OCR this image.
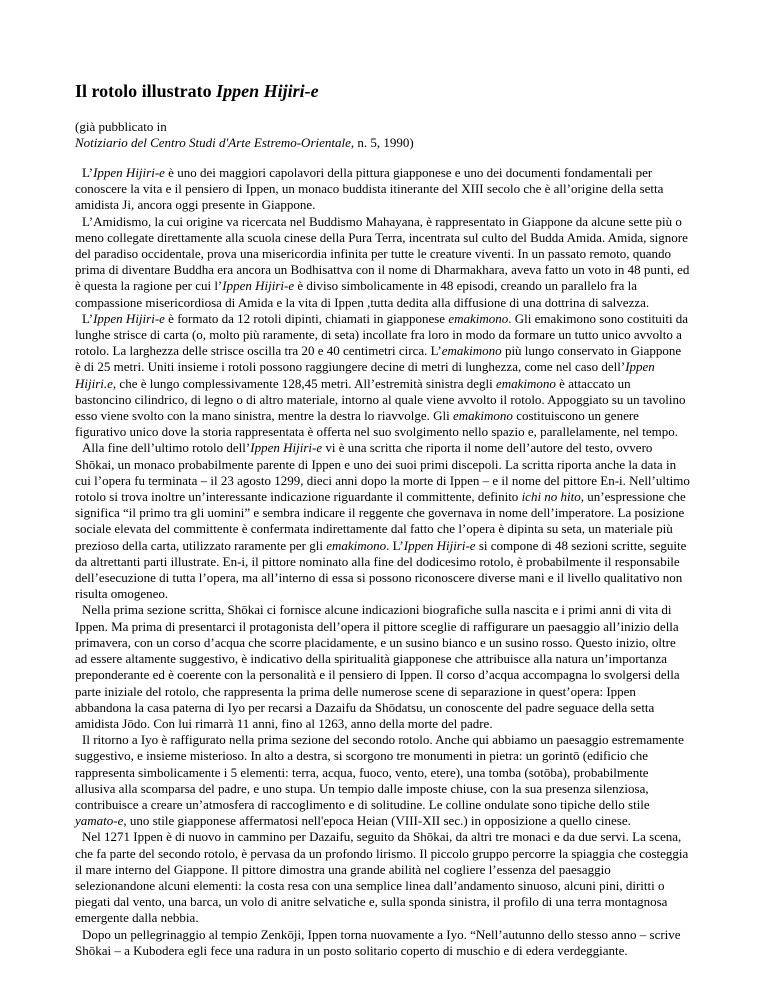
Il rotolo illustrato Ippen Hijiri-e
(già pubblicato in
Notiziario del Centro Studi d'Arte Estremo-Orientale, n. 5, 1990)

L’Ippen Hijiri-e è uno dei maggiori capolavori della pittura giapponese e uno dei documenti fondamentali per conoscere la vita e il pensiero di Ippen, un monaco buddista itinerante del XIII secolo che è all’origine della setta amidista Ji, ancora oggi presente in Giappone.

L’Amidismo, la cui origine va ricercata nel Buddismo Mahayana, è rappresentato in Giappone da alcune sette più o meno collegate direttamente alla scuola cinese della Pura Terra, incentrata sul culto del Budda Amida. Amida, signore del paradiso occidentale, prova una misericordia infinita per tutte le creature viventi. In un passato remoto, quando prima di diventare Buddha era ancora un Bodhisattva con il nome di Dharmakhara, aveva fatto un voto in 48 punti, ed è questa la ragione per cui l’Ippen Hijiri-e è diviso simbolicamente in 48 episodi, creando un parallelo fra la compassione misericordiosa di Amida e la vita di Ippen ,tutta dedita alla diffusione di una dottrina di salvezza.

L’Ippen Hijiri-e è formato da 12 rotoli dipinti, chiamati in giapponese emakimono. Gli emakimono sono costituiti da lunghe strisce di carta (o, molto più raramente, di seta) incollate fra loro in modo da formare un tutto unico avvolto a rotolo. La larghezza delle strisce oscilla tra 20 e 40 centimetri circa. L’emakimono più lungo conservato in Giappone è di 25 metri. Uniti insieme i rotoli possono raggiungere decine di metri di lunghezza, come nel caso dell’Ippen Hijiri.e, che è lungo complessivamente 128,45 metri. All’estremità sinistra degli emakimono è attaccato un bastoncino cilindrico, di legno o di altro materiale, intorno al quale viene avvolto il rotolo. Appoggiato su un tavolino esso viene svolto con la mano sinistra, mentre la destra lo riavvolge. Gli emakimono costituiscono un genere figurativo unico dove la storia rappresentata è offerta nel suo svolgimento nello spazio e, parallelamente, nel tempo.

Alla fine dell’ultimo rotolo dell’Ippen Hijiri-e vi è una scritta che riporta il nome dell’autore del testo, ovvero Shōkai, un monaco probabilmente parente di Ippen e uno dei suoi primi discepoli. La scritta riporta anche la data in cui l’opera fu terminata – il 23 agosto 1299, dieci anni dopo la morte di Ippen – e il nome del pittore En-i. Nell’ultimo rotolo si trova inoltre un’interessante indicazione riguardante il committente, definito ichi no hito, un’espressione che significa “il primo tra gli uomini” e sembra indicare il reggente che governava in nome dell’imperatore. La posizione sociale elevata del committente è confermata indirettamente dal fatto che l’opera è dipinta su seta, un materiale più prezioso della carta, utilizzato raramente per gli emakimono. L’Ippen Hijiri-e si compone di 48 sezioni scritte, seguite da altrettanti parti illustrate. En-i, il pittore nominato alla fine del dodicesimo rotolo, è probabilmente il responsabile dell’esecuzione di tutta l’opera, ma all’interno di essa si possono riconoscere diverse mani e il livello qualitativo non risulta omogeneo.

Nella prima sezione scritta, Shōkai ci fornisce alcune indicazioni biografiche sulla nascita e i primi anni di vita di Ippen. Ma prima di presentarci il protagonista dell’opera il pittore sceglie di raffigurare un paesaggio all’inizio della primavera, con un corso d’acqua che scorre placidamente, e un susino bianco e un susino rosso. Questo inizio, oltre ad essere altamente suggestivo, è indicativo della spiritualità giapponese che attribuisce alla natura un’importanza preponderante ed è coerente con la personalità e il pensiero di Ippen. Il corso d’acqua accompagna lo svolgersi della parte iniziale del rotolo, che rappresenta la prima delle numerose scene di separazione in quest’opera: Ippen abbandona la casa paterna di Iyo per recarsi a Dazaifu da Shōdatsu, un conoscente del padre seguace della setta amidista Jōdo. Con lui rimarrà 11 anni, fino al 1263, anno della morte del padre.

Il ritorno a Iyo è raffigurato nella prima sezione del secondo rotolo. Anche qui abbiamo un paesaggio estremamente suggestivo, e insieme misterioso. In alto a destra, si scorgono tre monumenti in pietra: un gorintō (edificio che rappresenta simbolicamente i 5 elementi: terra, acqua, fuoco, vento, etere), una tomba (sotōba), probabilmente allusiva alla scomparsa del padre, e uno stupa. Un tempio dalle imposte chiuse, con la sua presenza silenziosa, contribuisce a creare un’atmosfera di raccoglimento e di solitudine. Le colline ondulate sono tipiche dello stile yamato-e, uno stile giapponese affermatosi nell'epoca Heian (VIII-XII sec.) in opposizione a quello cinese.

Nel 1271 Ippen è di nuovo in cammino per Dazaifu, seguito da Shōkai, da altri tre monaci e da due servi. La scena, che fa parte del secondo rotolo, è pervasa da un profondo lirismo. Il piccolo gruppo percorre la spiaggia che costeggia il mare interno del Giappone. Il pittore dimostra una grande abilità nel cogliere l’essenza del paesaggio selezionandone alcuni elementi: la costa resa con una semplice linea dall’andamento sinuoso, alcuni pini, diritti o piegati dal vento, una barca, un volo di anitre selvatiche e, sulla sponda sinistra, il profilo di una terra montagnosa emergente dalla nebbia.

Dopo un pellegrinaggio al tempio Zenkōji, Ippen torna nuovamente a Iyo. “Nell’autunno dello stesso anno – scrive Shōkai – a Kubodera egli fece una radura in un posto solitario coperto di muschio e di edera verdeggiante.
